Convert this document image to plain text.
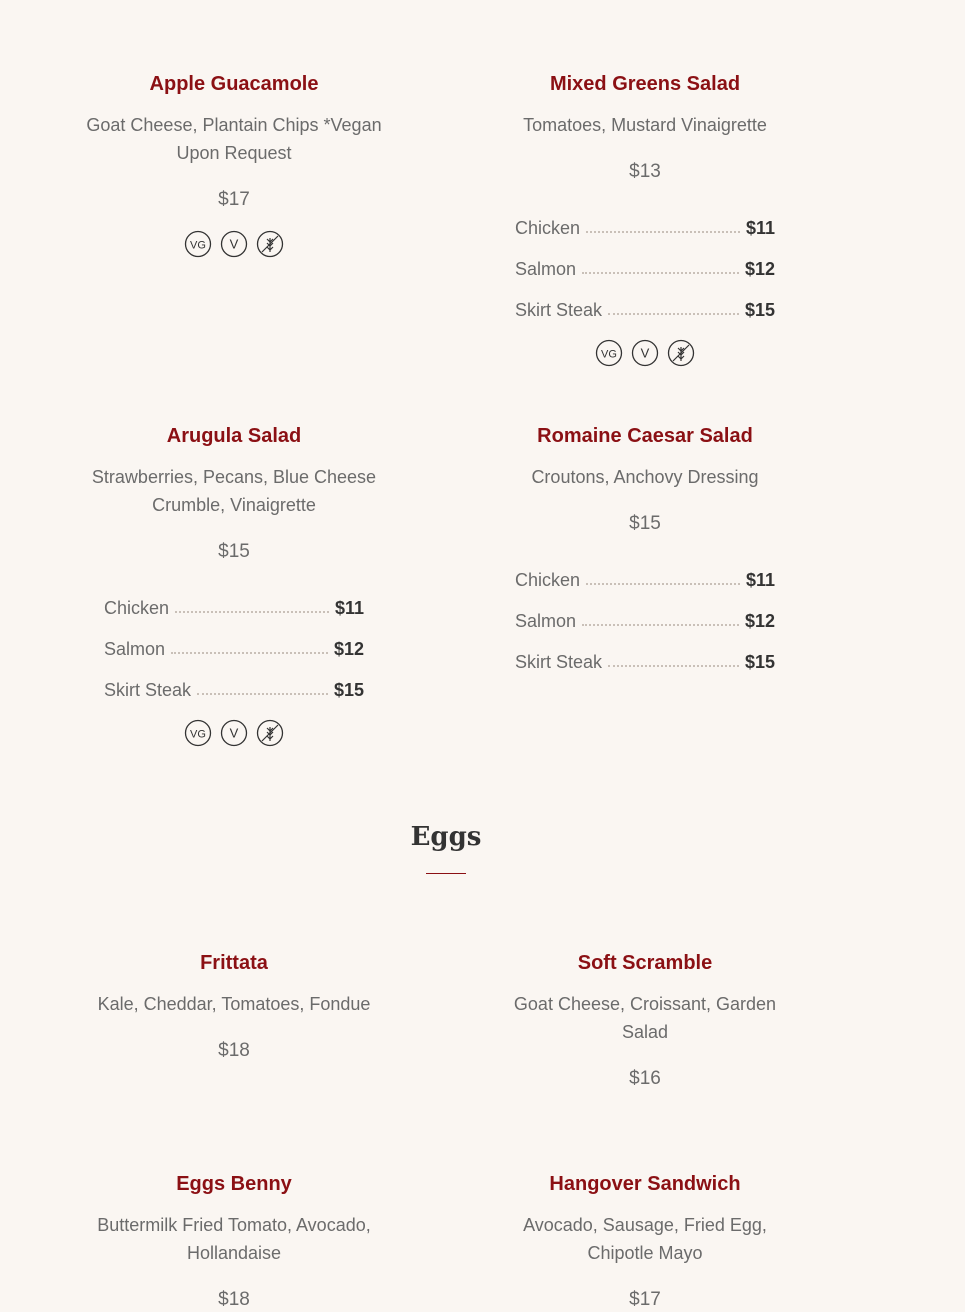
Apple Guacamole
Goat Cheese, Plantain Chips *Vegan Upon Request
$17
VG V
Mixed Greens Salad
Tomatoes, Mustard Vinaigrette
$13
Chicken	$11
Salmon	$12
Skirt Steak	$15
VG V
Arugula Salad
Strawberries, Pecans, Blue Cheese Crumble, Vinaigrette
$15
Chicken	$11
Salmon	$12
Skirt Steak	$15
VG V
Romaine Caesar Salad
Croutons, Anchovy Dressing
$15
Chicken	$11
Salmon	$12
Skirt Steak	$15
Frittata
Kale, Cheddar, Tomatoes, Fondue
$18
Soft Scramble
Goat Cheese, Croissant, Garden Salad
$16
Eggs Benny
Buttermilk Fried Tomato, Avocado, Hollandaise
$18
Hangover Sandwich
Avocado, Sausage, Fried Egg, Chipotle Mayo
$17
Eggs
